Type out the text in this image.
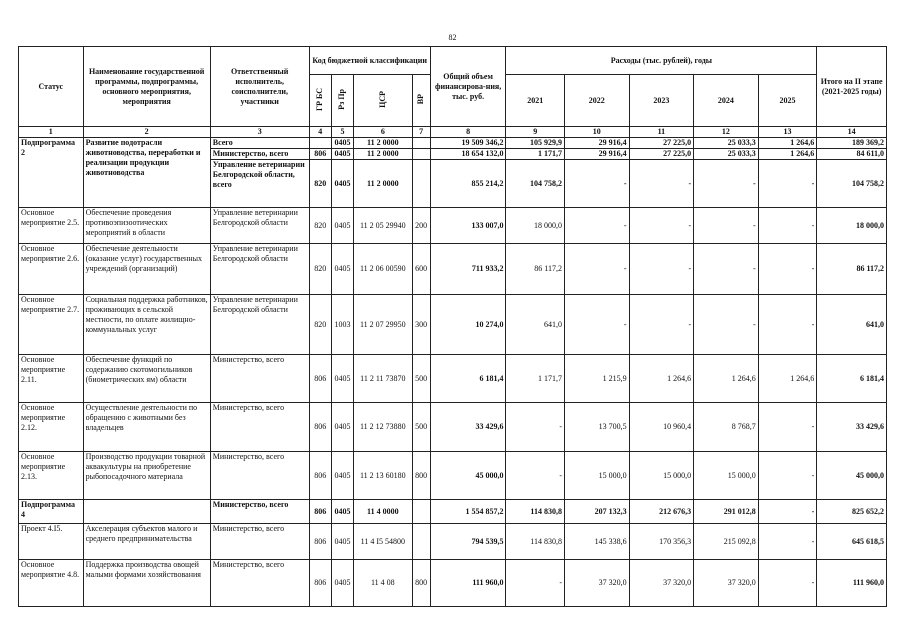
82
Статус	Наименование государственной программы, подпрограммы, основного мероприятия, мероприятия	Ответственный исполнитель, соисполнители, участники	Код бюджетной классификации				Общий объем финансирова-ния, тыс. руб.	Расходы (тыс. рублей), годы					Итого на II этапе (2021-2025 годы)
			ГР БС	Рз Пр	ЦСР	ВР		2021	2022	2023	2024	2025	
1	2	3	4	5	6	7	8	9	10	11	12	13	14
Подпрограмма 2	Развитие подотрасли животноводства, переработки и реализации продукции животноводства	Всего		0405	11 2 0000		19 509 346,2	105 929,9	29 916,4	27 225,0	25 033,3	1 264,6	189 369,2
		Министерство, всего	806	0405	11 2 0000		18 654 132,0	1 171,7	29 916,4	27 225,0	25 033,3	1 264,6	84 611,0
		Управление ветеринарии Белгородской области, всего	820	0405	11 2 0000		855 214,2	104 758,2	-	-	-	-	104 758,2
Основное мероприятие 2.5.	Обеспечение проведения противоэпизоотических мероприятий в области	Управление ветеринарии Белгородской области	820	0405	11 2 05 29940	200	133 007,0	18 000,0	-	-	-	-	18 000,0
Основное мероприятие 2.6.	Обеспечение деятельности (оказание услуг) государственных учреждений (организаций)	Управление ветеринарии Белгородской области	820	0405	11 2 06 00590	600	711 933,2	86 117,2	-	-	-	-	86 117,2
Основное мероприятие 2.7.	Социальная поддержка работников, проживающих в сельской местности, по оплате жилищно-коммунальных услуг	Управление ветеринарии Белгородской области	820	1003	11 2 07 29950	300	10 274,0	641,0	-	-	-	-	641,0
Основное мероприятие 2.11.	Обеспечение функций по содержанию скотомогильников (биометрических ям) области	Министерство, всего	806	0405	11 2 11 73870	500	6 181,4	1 171,7	1 215,9	1 264,6	1 264,6	1 264,6	6 181,4
Основное мероприятие 2.12.	Осуществление деятельности по обращению с животными без владельцев	Министерство, всего	806	0405	11 2 12 73880	500	33 429,6	-	13 700,5	10 960,4	8 768,7	-	33 429,6
Основное мероприятие 2.13.	Производство продукции товарной аквакультуры на приобретение рыбопосадочного материала	Министерство, всего	806	0405	11 2 13 60180	800	45 000,0	-	15 000,0	15 000,0	15 000,0	-	45 000,0
Подпрограмма 4		Министерство, всего	806	0405	11 4 0000		1 554 857,2	114 830,8	207 132,3	212 676,3	291 012,8	-	825 652,2
Проект 4.I5.	Акселерация субъектов малого и среднего предпринимательства	Министерство, всего	806	0405	11 4 I5 54800		794 539,5	114 830,8	145 338,6	170 356,3	215 092,8	-	645 618,5
Основное мероприятие 4.8.	Поддержка производства овощей малыми формами хозяйствования	Министерство, всего	806	0405	11 4 08	800	111 960,0	-	37 320,0	37 320,0	37 320,0	-	111 960,0
